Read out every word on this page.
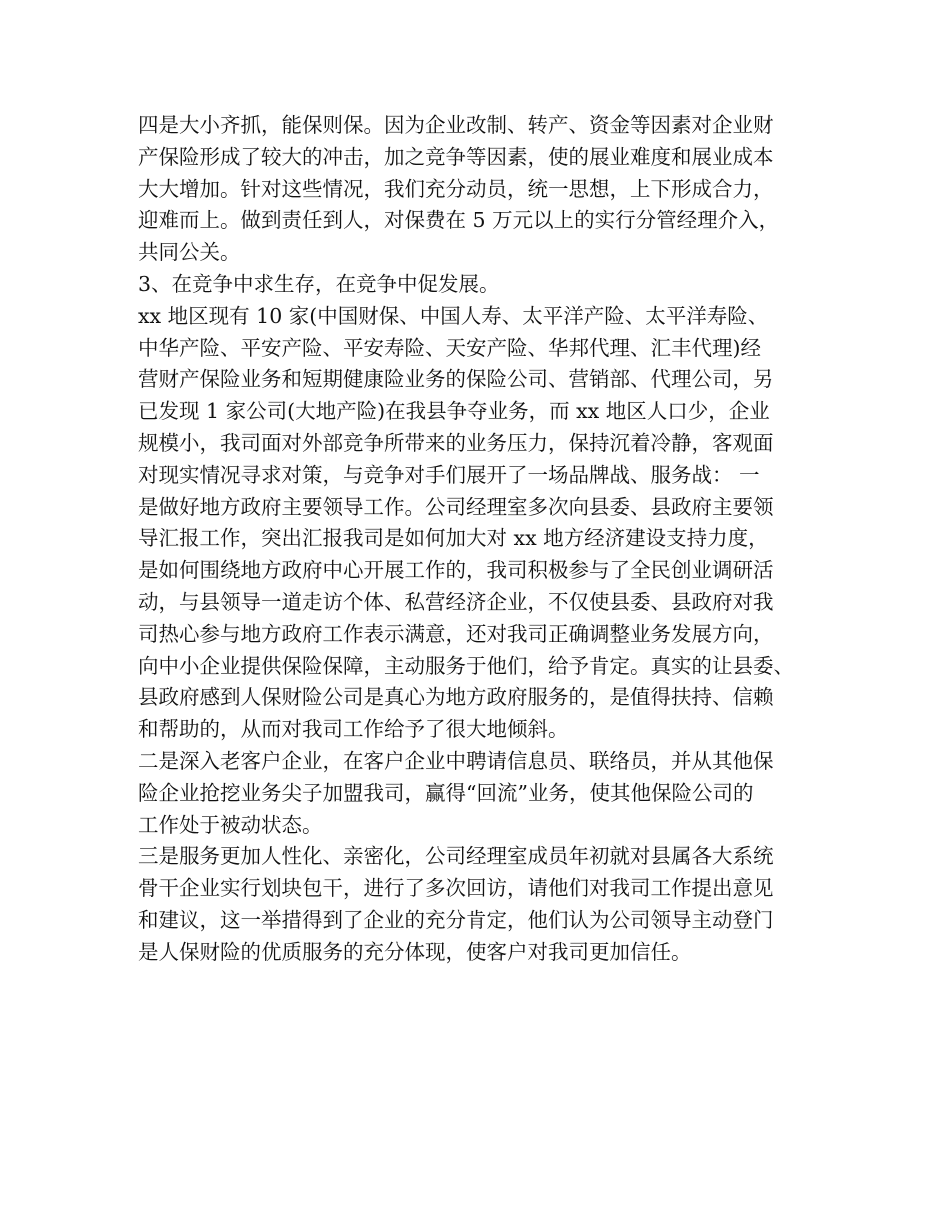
四是大小齐抓，能保则保。因为企业改制、转产、资金等因素对企业财
产保险形成了较大的冲击，加之竞争等因素，使的展业难度和展业成本
大大增加。针对这些情况，我们充分动员，统一思想，上下形成合力，
迎难而上。做到责任到人，对保费在 5 万元以上的实行分管经理介入，
共同公关。
3、在竞争中求生存，在竞争中促发展。
xx 地区现有 10 家(中国财保、中国人寿、太平洋产险、太平洋寿险、
中华产险、平安产险、平安寿险、天安产险、华邦代理、汇丰代理)经
营财产保险业务和短期健康险业务的保险公司、营销部、代理公司，另
已发现 1 家公司(大地产险)在我县争夺业务，而 xx 地区人口少，企业
规模小，我司面对外部竞争所带来的业务压力，保持沉着冷静，客观面
对现实情况寻求对策，与竞争对手们展开了一场品牌战、服务战： 一
是做好地方政府主要领导工作。公司经理室多次向县委、县政府主要领
导汇报工作，突出汇报我司是如何加大对 xx 地方经济建设支持力度，
是如何围绕地方政府中心开展工作的，我司积极参与了全民创业调研活
动，与县领导一道走访个体、私营经济企业，不仅使县委、县政府对我
司热心参与地方政府工作表示满意，还对我司正确调整业务发展方向，
向中小企业提供保险保障，主动服务于他们，给予肯定。真实的让县委、
县政府感到人保财险公司是真心为地方政府服务的，是值得扶持、信赖
和帮助的，从而对我司工作给予了很大地倾斜。
二是深入老客户企业，在客户企业中聘请信息员、联络员，并从其他保
险企业抢挖业务尖子加盟我司，赢得“回流”业务，使其他保险公司的
工作处于被动状态。
三是服务更加人性化、亲密化，公司经理室成员年初就对县属各大系统
骨干企业实行划块包干，进行了多次回访，请他们对我司工作提出意见
和建议，这一举措得到了企业的充分肯定，他们认为公司领导主动登门
是人保财险的优质服务的充分体现，使客户对我司更加信任。
